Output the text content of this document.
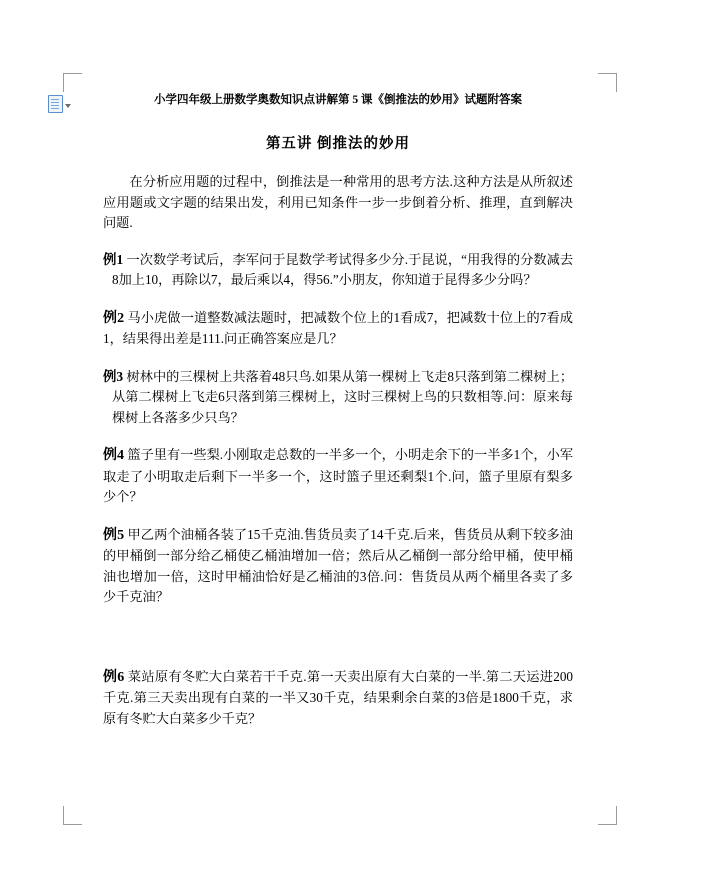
小学四年级上册数学奥数知识点讲解第 5 课《倒推法的妙用》试题附答案
第五讲 倒推法的妙用

在分析应用题的过程中，倒推法是一种常用的思考方法.这种方法是从所叙述应用题或文字题的结果出发，利用已知条件一步一步倒着分析、推理，直到解决问题.

例1 一次数学考试后，李军问于昆数学考试得多少分.于昆说，“用我得的分数减去8加上10，再除以7，最后乘以4，得56.”小朋友，你知道于昆得多少分吗？
例2 马小虎做一道整数减法题时，把减数个位上的1看成7，把减数十位上的7看成1，结果得出差是111.问正确答案应是几？
例3 树林中的三棵树上共落着48只鸟.如果从第一棵树上飞走8只落到第二棵树上；从第二棵树上飞走6只落到第三棵树上，这时三棵树上鸟的只数相等.问：原来每棵树上各落多少只鸟？
例4 篮子里有一些梨.小刚取走总数的一半多一个，小明走余下的一半多1个，小军取走了小明取走后剩下一半多一个，这时篮子里还剩梨1个.问，篮子里原有梨多少个？
例5 甲乙两个油桶各装了15千克油.售货员卖了14千克.后来，售货员从剩下较多油的甲桶倒一部分给乙桶使乙桶油增加一倍；然后从乙桶倒一部分给甲桶，使甲桶油也增加一倍，这时甲桶油恰好是乙桶油的3倍.问：售货员从两个桶里各卖了多少千克油？
例6 菜站原有冬贮大白菜若干千克.第一天卖出原有大白菜的一半.第二天运进200千克.第三天卖出现有白菜的一半又30千克，结果剩余白菜的3倍是1800千克，求原有冬贮大白菜多少千克？
